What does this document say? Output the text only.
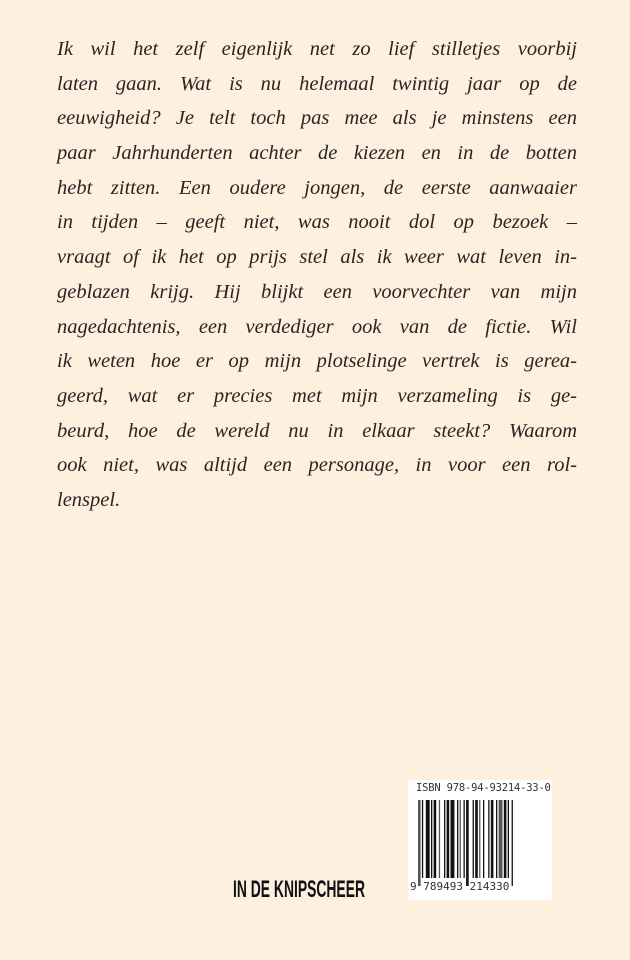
Ik wil het zelf eigenlijk net zo lief stilletjes voorbij
laten gaan. Wat is nu helemaal twintig jaar op de
eeuwigheid? Je telt toch pas mee als je minstens een
paar Jahrhunderten achter de kiezen en in de botten
hebt zitten. Een oudere jongen, de eerste aanwaaier
in tijden – geeft niet, was nooit dol op bezoek –
vraagt of ik het op prijs stel als ik weer wat leven in-
geblazen krijg. Hij blijkt een voorvechter van mijn
nagedachtenis, een verdediger ook van de fictie. Wil
ik weten hoe er op mijn plotselinge vertrek is gerea-
geerd, wat er precies met mijn verzameling is ge-
beurd, hoe de wereld nu in elkaar steekt? Waarom
ook niet, was altijd een personage, in voor een rol-
lenspel.
ISBN 978-94-93214-33-0
9 789493 214330
IN DE KNIPSCHEER
